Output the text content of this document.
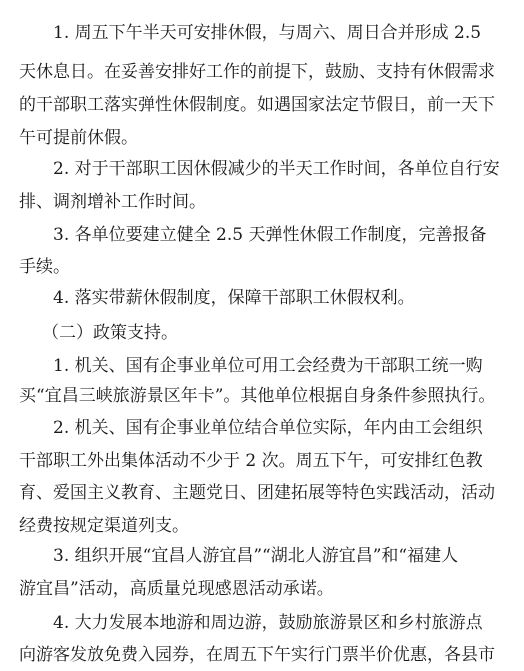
1. 周五下午半天可安排休假，与周六、周日合并形成 2.5
天休息日。在妥善安排好工作的前提下，鼓励、支持有休假需求
的干部职工落实弹性休假制度。如遇国家法定节假日，前一天下
午可提前休假。
2. 对于干部职工因休假减少的半天工作时间，各单位自行安
排、调剂增补工作时间。
3. 各单位要建立健全 2.5 天弹性休假工作制度，完善报备
手续。
4. 落实带薪休假制度，保障干部职工休假权利。
（二）政策支持。
1. 机关、国有企事业单位可用工会经费为干部职工统一购
买“宜昌三峡旅游景区年卡”。其他单位根据自身条件参照执行。
2. 机关、国有企事业单位结合单位实际，年内由工会组织
干部职工外出集体活动不少于 2 次。周五下午，可安排红色教
育、爱国主义教育、主题党日、团建拓展等特色实践活动，活动
经费按规定渠道列支。
3. 组织开展“宜昌人游宜昌”“湖北人游宜昌”和“福建人
游宜昌”活动，高质量兑现感恩活动承诺。
4. 大力发展本地游和周边游，鼓励旅游景区和乡村旅游点
向游客发放免费入园券，在周五下午实行门票半价优惠，各县市
